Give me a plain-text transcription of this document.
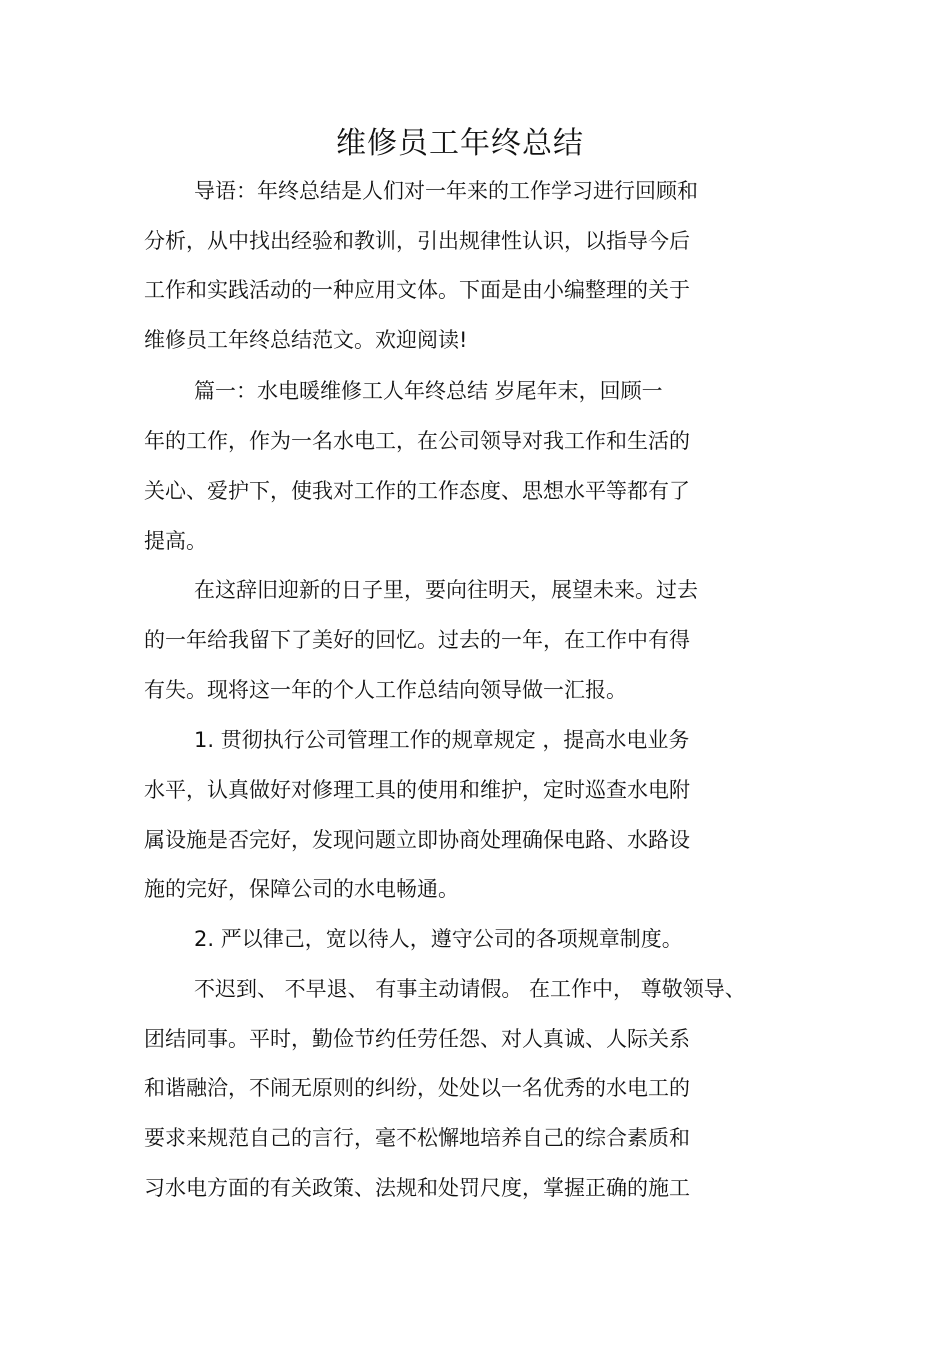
维修员工年终总结
导语：年终总结是人们对一年来的工作学习进行回顾和
分析，从中找出经验和教训，引出规律性认识，以指导今后
工作和实践活动的一种应用文体。下面是由小编整理的关于
维修员工年终总结范文。欢迎阅读!
篇一：水电暖维修工人年终总结 岁尾年末，回顾一
年的工作，作为一名水电工，在公司领导对我工作和生活的
关心、爱护下，使我对工作的工作态度、思想水平等都有了
提高。
在这辞旧迎新的日子里，要向往明天，展望未来。过去
的一年给我留下了美好的回忆。过去的一年，在工作中有得
有失。现将这一年的个人工作总结向领导做一汇报。
1. 贯彻执行公司管理工作的规章规定 ，提高水电业务
水平，认真做好对修理工具的使用和维护，定时巡查水电附
属设施是否完好，发现问题立即协商处理确保电路、水路设
施的完好，保障公司的水电畅通。
2. 严以律己，宽以待人，遵守公司的各项规章制度。
不迟到、 不早退、 有事主动请假。 在工作中， 尊敬领导、
团结同事。平时，勤俭节约任劳任怨、对人真诚、人际关系
和谐融洽，不闹无原则的纠纷，处处以一名优秀的水电工的
要求来规范自己的言行，毫不松懈地培养自己的综合素质和
习水电方面的有关政策、法规和处罚尺度，掌握正确的施工
